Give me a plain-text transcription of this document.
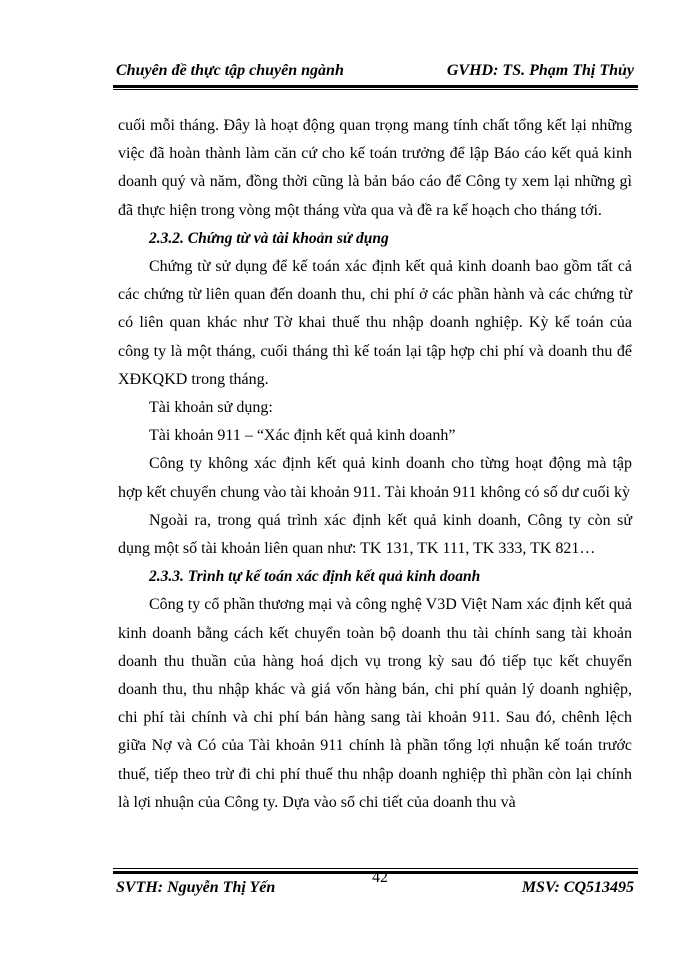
Chuyên đề thực tập chuyên ngành	GVHD: TS. Phạm Thị Thủy

cuối mỗi tháng. Đây là hoạt động quan trọng mang tính chất tổng kết lại những việc đã hoàn thành làm căn cứ cho kế toán trưởng để lập Báo cáo kết quả kinh doanh quý và năm, đồng thời cũng là bản báo cáo để Công ty xem lại những gì đã thực hiện trong vòng một tháng vừa qua và đề ra kế hoạch cho tháng tới.

2.3.2. Chứng từ và tài khoản sử dụng

Chứng từ sử dụng để kế toán xác định kết quả kinh doanh bao gồm tất cả các chứng từ liên quan đến doanh thu, chi phí ở các phần hành và các chứng từ có liên quan khác như Tờ khai thuế thu nhập doanh nghiệp. Kỳ kế toán của công ty là một tháng, cuối tháng thì kế toán lại tập hợp chi phí và doanh thu để XĐKQKD trong tháng.

Tài khoản sử dụng:

Tài khoản 911 – “Xác định kết quả kinh doanh”

Công ty không xác định kết quả kinh doanh cho từng hoạt động mà tập hợp kết chuyển chung vào tài khoản 911. Tài khoản 911 không có số dư cuối kỳ

Ngoài ra, trong quá trình xác định kết quả kinh doanh, Công ty còn sử dụng một số tài khoản liên quan như: TK 131, TK 111, TK 333, TK 821…

2.3.3. Trình tự kế toán xác định kết quả kinh doanh

Công ty cổ phần thương mại và công nghệ V3D Việt Nam xác định kết quả kinh doanh bằng cách kết chuyển toàn bộ doanh thu tài chính sang tài khoản doanh thu thuần của hàng hoá dịch vụ trong kỳ sau đó tiếp tục kết chuyển doanh thu, thu nhập khác và giá vốn hàng bán, chi phí quản lý doanh nghiệp, chi phí tài chính và chi phí bán hàng sang tài khoản 911. Sau đó, chênh lệch giữa Nợ và Có của Tài khoản 911 chính là phần tổng lợi nhuận kế toán trước thuế, tiếp theo trừ đi chi phí thuế thu nhập doanh nghiệp thì phần còn lại chính là lợi nhuận của Công ty. Dựa vào sổ chi tiết của doanh thu và

SVTH: Nguyễn Thị Yến	MSV: CQ513495
42
